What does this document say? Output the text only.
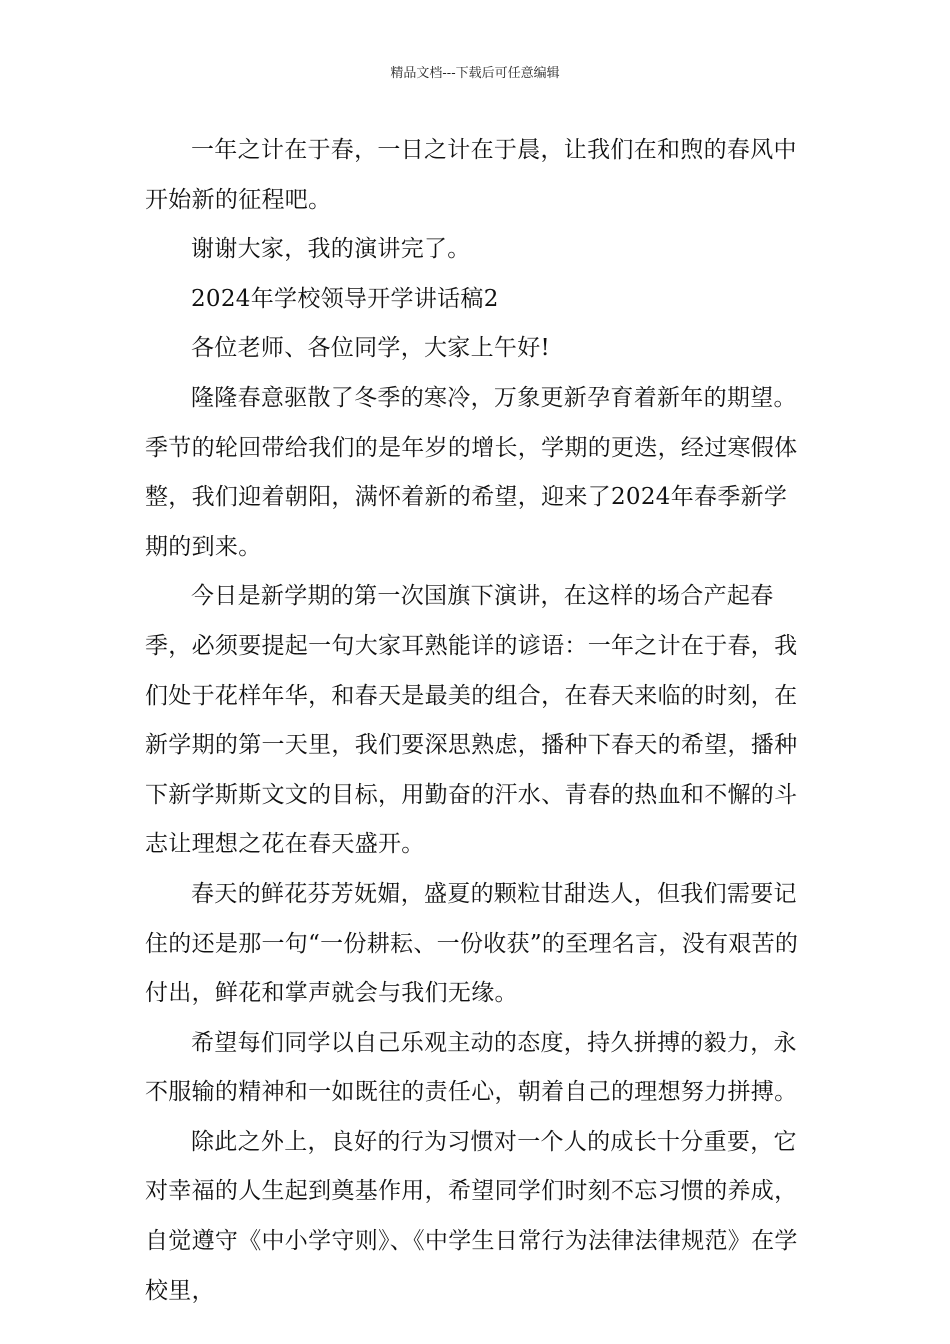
精品文档---下载后可任意编辑

一年之计在于春，一日之计在于晨，让我们在和煦的春风中开始新的征程吧。

谢谢大家，我的演讲完了。

2024年学校领导开学讲话稿2

各位老师、各位同学，大家上午好!

隆隆春意驱散了冬季的寒冷，万象更新孕育着新年的期望。季节的轮回带给我们的是年岁的增长，学期的更迭，经过寒假体整，我们迎着朝阳，满怀着新的希望，迎来了2024年春季新学期的到来。

今日是新学期的第一次国旗下演讲，在这样的场合产起春季，必须要提起一句大家耳熟能详的谚语：一年之计在于春，我们处于花样年华，和春天是最美的组合，在春天来临的时刻，在新学期的第一天里，我们要深思熟虑，播种下春天的希望，播种下新学斯斯文文的目标，用勤奋的汗水、青春的热血和不懈的斗志让理想之花在春天盛开。

春天的鲜花芬芳妩媚，盛夏的颗粒甘甜迭人，但我们需要记住的还是那一句“一份耕耘、一份收获”的至理名言，没有艰苦的付出，鲜花和掌声就会与我们无缘。

希望每们同学以自己乐观主动的态度，持久拼搏的毅力，永不服输的精神和一如既往的责任心，朝着自己的理想努力拼搏。

除此之外上，良好的行为习惯对一个人的成长十分重要，它对幸福的人生起到奠基作用，希望同学们时刻不忘习惯的养成，自觉遵守《中小学守则》、《中学生日常行为法律法律规范》在学校里，
